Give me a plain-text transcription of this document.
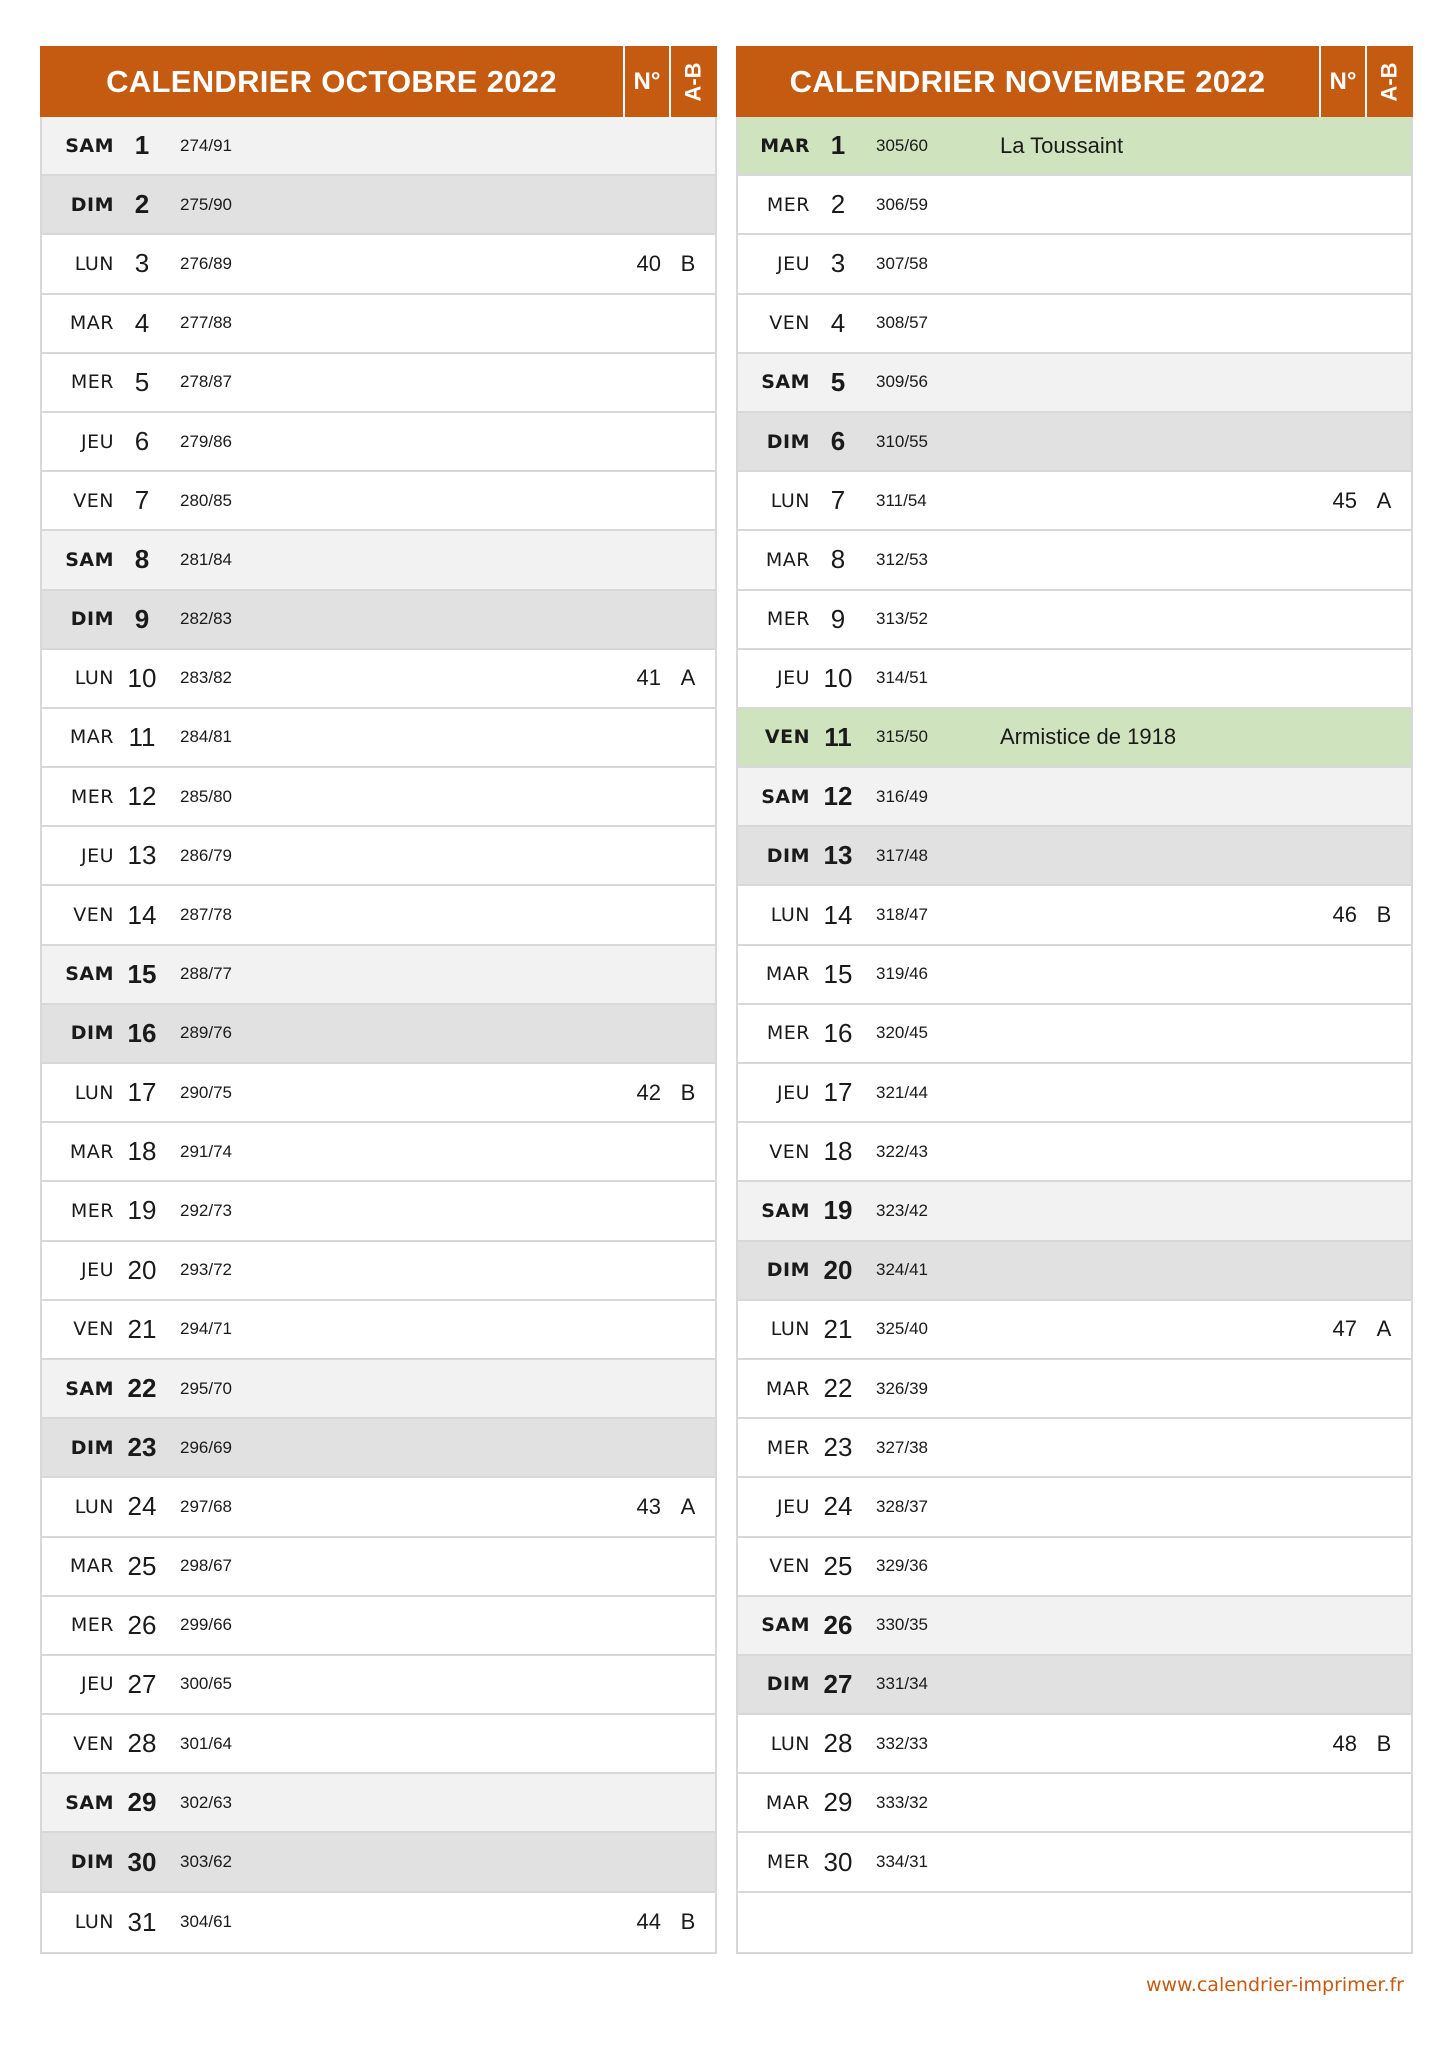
CALENDRIER OCTOBRE 2022	N° A-B
SAM 1	274/91
DIM 2	275/90
LUN 3	276/89	40 B
MAR 4	277/88
MER 5	278/87
JEU 6	279/86
VEN 7	280/85
SAM 8	281/84
DIM 9	282/83
LUN 10	283/82	41 A
MAR 11	284/81
MER 12	285/80
JEU 13	286/79
VEN 14	287/78
SAM 15	288/77
DIM 16	289/76
LUN 17	290/75	42 B
MAR 18	291/74
MER 19	292/73
JEU 20	293/72
VEN 21	294/71
SAM 22	295/70
DIM 23	296/69
LUN 24	297/68	43 A
MAR 25	298/67
MER 26	299/66
JEU 27	300/65
VEN 28	301/64
SAM 29	302/63
DIM 30	303/62
LUN 31	304/61	44 B
CALENDRIER NOVEMBRE 2022	N° A-B
MAR 1	305/60	La Toussaint
MER 2	306/59
JEU 3	307/58
VEN 4	308/57
SAM 5	309/56
DIM 6	310/55
LUN 7	311/54	45 A
MAR 8	312/53
MER 9	313/52
JEU 10	314/51
VEN 11	315/50	Armistice de 1918
SAM 12	316/49
DIM 13	317/48
LUN 14	318/47	46 B
MAR 15	319/46
MER 16	320/45
JEU 17	321/44
VEN 18	322/43
SAM 19	323/42
DIM 20	324/41
LUN 21	325/40	47 A
MAR 22	326/39
MER 23	327/38
JEU 24	328/37
VEN 25	329/36
SAM 26	330/35
DIM 27	331/34
LUN 28	332/33	48 B
MAR 29	333/32
MER 30	334/31
www.calendrier-imprimer.fr
